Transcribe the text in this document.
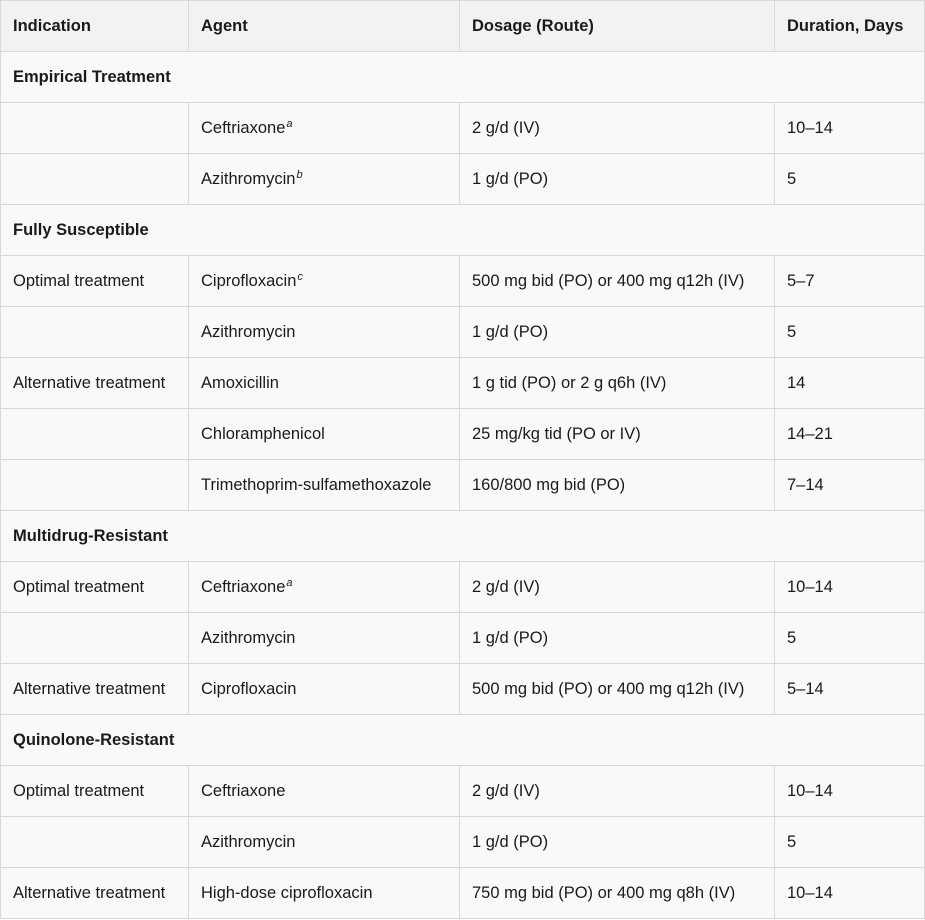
Indication	Agent	Dosage (Route)	Duration, Days
Empirical Treatment			
	Ceftriaxone$^a$	2 g/d (IV)	10–14
	Azithromycin$^b$	1 g/d (PO)	5
Fully Susceptible			
Optimal treatment	Ciprofloxacin$^c$	500 mg bid (PO) or 400 mg q12h (IV)	5–7
	Azithromycin	1 g/d (PO)	5
Alternative treatment	Amoxicillin	1 g tid (PO) or 2 g q6h (IV)	14
	Chloramphenicol	25 mg/kg tid (PO or IV)	14–21
	Trimethoprim-sulfamethoxazole	160/800 mg bid (PO)	7–14
Multidrug-Resistant			
Optimal treatment	Ceftriaxone$^a$	2 g/d (IV)	10–14
	Azithromycin	1 g/d (PO)	5
Alternative treatment	Ciprofloxacin	500 mg bid (PO) or 400 mg q12h (IV)	5–14
Quinolone-Resistant			
Optimal treatment	Ceftriaxone	2 g/d (IV)	10–14
	Azithromycin	1 g/d (PO)	5
Alternative treatment	High-dose ciprofloxacin	750 mg bid (PO) or 400 mg q8h (IV)	10–14
